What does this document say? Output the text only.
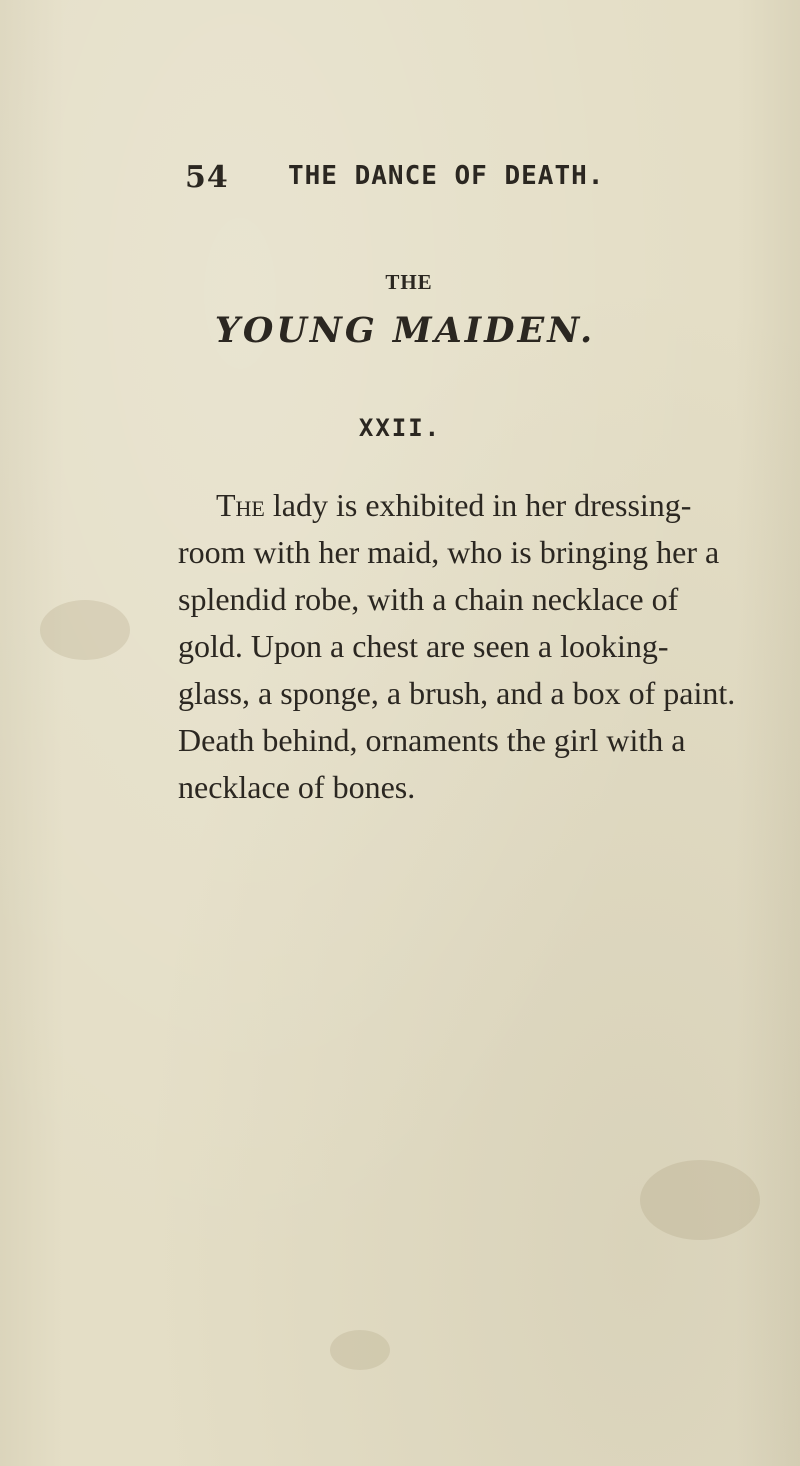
54 THE DANCE OF DEATH.
THE
YOUNG MAIDEN.
XXII.

The lady is exhibited in her dressing-
room with her maid, who is bringing her a
splendid robe, with a chain necklace of
gold. Upon a chest are seen a looking-
glass, a sponge, a brush, and a box of paint.
Death behind, ornaments the girl with a
necklace of bones.
